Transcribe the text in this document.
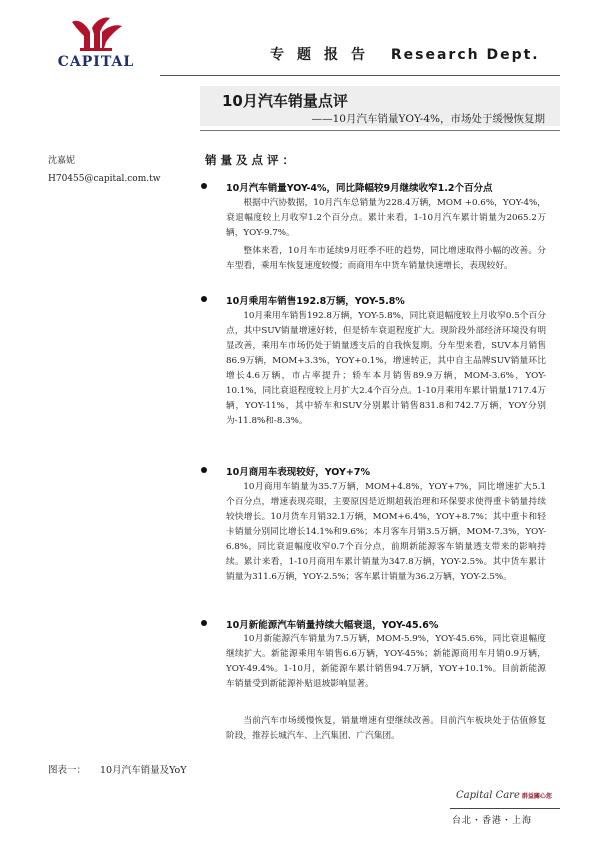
CAPITAL	专题报告 Research Dept.
10月汽车销量点评
——10月汽车销量YOY-4%，市场处于缓慢恢复期
沈嘉妮
H70455@capital.com.tw
销量及点评：
10月汽车销量YOY-4%，同比降幅较9月继续收窄1.2个百分点
根据中汽协数据，10月汽车总销量为228.4万辆，MOM +0.6%，YOY-4%，衰退幅度较上月收窄1.2个百分点。累计来看，1-10月汽车累计销量为2065.2万辆，YOY-9.7%。
整体来看，10月车市延续9月旺季不旺的趋势，同比增速取得小幅的改善。分车型看，乘用车恢复速度较慢；而商用车中货车销量快速增长，表现较好。
10月乘用车销售192.8万辆，YOY-5.8%
10月乘用车销售192.8万辆，YOY-5.8%，同比衰退幅度较上月收窄0.5个百分点，其中SUV销量增速好转，但是轿车衰退程度扩大。现阶段外部经济环境没有明显改善，乘用车市场仍处于销量透支后的自我恢复期。分车型来看，SUV本月销售86.9万辆，MOM+3.3%，YOY+0.1%，增速转正，其中自主品牌SUV销量环比增长4.6万辆，市占率提升；轿车本月销售89.9万辆，MOM-3.6%，YOY-10.1%，同比衰退程度较上月扩大2.4个百分点。1-10月乘用车累计销量1717.4万辆，YOY-11%，其中轿车和SUV分别累计销售831.8和742.7万辆，YOY分别为-11.8%和-8.3%。
10月商用车表现较好，YOY+7%
10月商用车销量为35.7万辆，MOM+4.8%，YOY+7%，同比增速扩大5.1个百分点，增速表现亮眼，主要原因是近期超载治理和环保要求使得重卡销量持续较快增长。10月货车月销32.1万辆，MOM+6.4%，YOY+8.7%；其中重卡和轻卡销量分别同比增长14.1%和9.6%；本月客车月销3.5万辆，MOM-7.3%，YOY-6.8%，同比衰退幅度收窄0.7个百分点，前期新能源客车销量透支带来的影响持续。累计来看，1-10月商用车累计销量为347.8万辆，YOY-2.5%。其中货车累计销量为311.6万辆，YOY-2.5%；客车累计销量为36.2万辆，YOY-2.5%。
10月新能源汽车销量持续大幅衰退，YOY-45.6%
10月新能源汽车销量为7.5万辆，MOM-5.9%，YOY-45.6%，同比衰退幅度继续扩大。新能源乘用车销售6.6万辆，YOY-45%；新能源商用车月销0.9万辆，YOY-49.4%。1-10月，新能源车累计销售94.7万辆，YOY+10.1%。目前新能源车销量受到新能源补贴退坡影响显著。
当前汽车市场缓慢恢复，销量增速有望继续改善。目前汽车板块处于估值修复阶段，推荐长城汽车、上汽集团、广汽集团。
图表一： 10月汽车销量及YoY
Capital Care 群益關心您
台北・香港・上海
